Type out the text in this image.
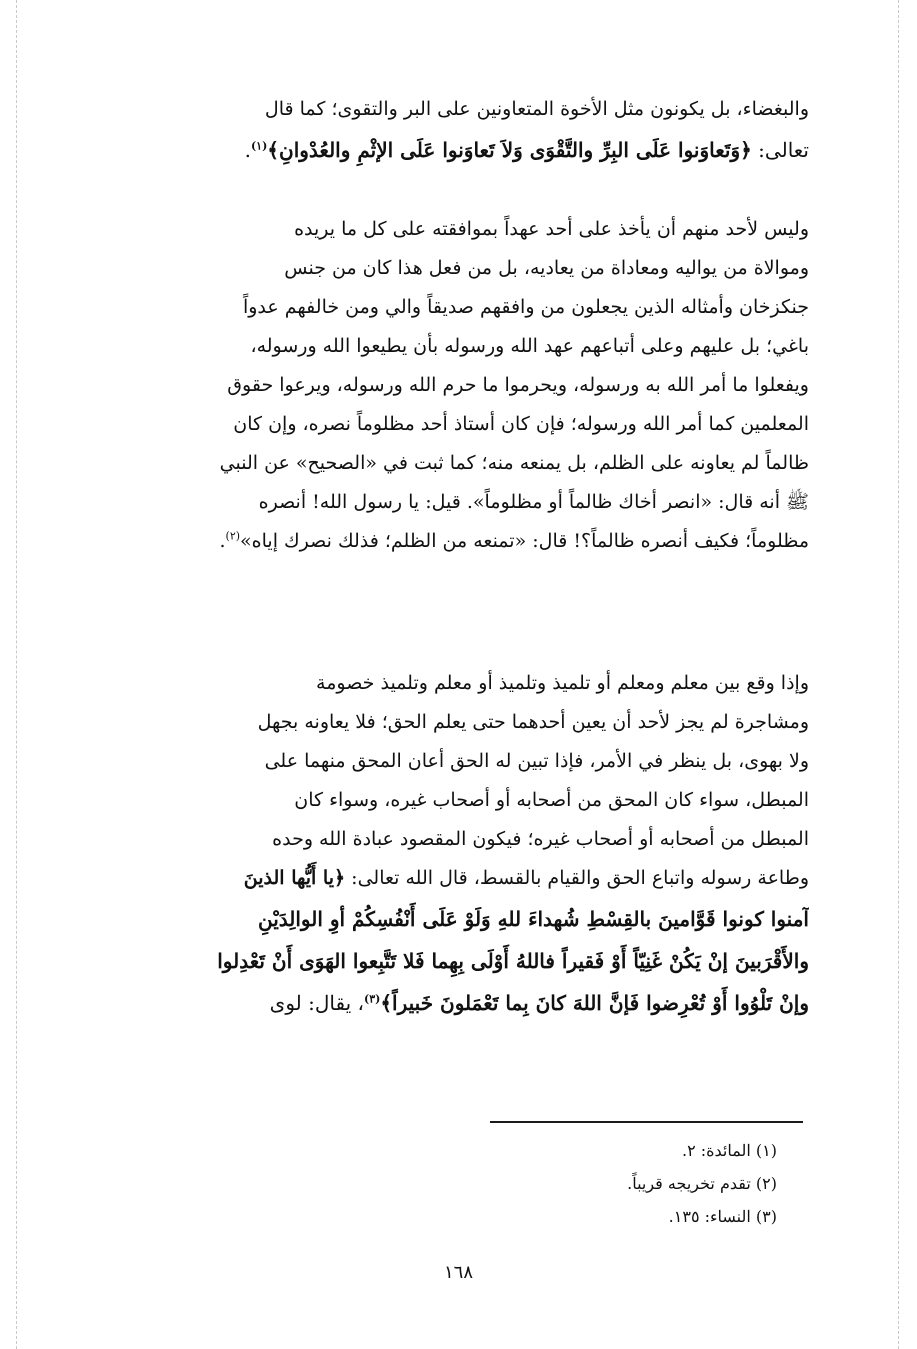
والبغضاء، بل يكونون مثل الأخوة المتعاونين على البر والتقوى؛ كما قال
تعالى: ﴿وَتَعاوَنوا عَلَى البِرِّ والتَّقْوَى وَلاَ تَعاوَنوا عَلَى الإثْمِ والعُدْوانِ﴾$^{(١)}$.
وليس لأحد منهم أن يأخذ على أحد عهداً بموافقته على كل ما يريده
وموالاة من يواليه ومعاداة من يعاديه، بل من فعل هذا كان من جنس
جنكزخان وأمثاله الذين يجعلون من وافقهم صديقاً والي ومن خالفهم عدواً
باغي؛ بل عليهم وعلى أتباعهم عهد الله ورسوله بأن يطيعوا الله ورسوله،
ويفعلوا ما أمر الله به ورسوله، ويحرموا ما حرم الله ورسوله، ويرعوا حقوق
المعلمين كما أمر الله ورسوله؛ فإن كان أستاذ أحد مظلوماً نصره، وإن كان
ظالماً لم يعاونه على الظلم، بل يمنعه منه؛ كما ثبت في «الصحيح» عن النبي
ﷺ أنه قال: «انصر أخاك ظالماً أو مظلوماً». قيل: يا رسول الله! أنصره
مظلوماً؛ فكيف أنصره ظالماً؟! قال: «تمنعه من الظلم؛ فذلك نصرك إياه»$^{(٢)}$.
وإذا وقع بين معلم ومعلم أو تلميذ وتلميذ أو معلم وتلميذ خصومة
ومشاجرة لم يجز لأحد أن يعين أحدهما حتى يعلم الحق؛ فلا يعاونه بجهل
ولا بهوى، بل ينظر في الأمر، فإذا تبين له الحق أعان المحق منهما على
المبطل، سواء كان المحق من أصحابه أو أصحاب غيره، وسواء كان
المبطل من أصحابه أو أصحاب غيره؛ فيكون المقصود عبادة الله وحده
وطاعة رسوله واتباع الحق والقيام بالقسط، قال الله تعالى: ﴿يا أَيُّها الذينَ
آمنوا كونوا قَوَّامينَ بالقِسْطِ شُهداءَ للهِ وَلَوْ عَلَى أَنْفُسِكُمْ أوِ الوالِدَيْنِ
والأَقْرَبينَ إنْ يَكُنْ غَنِيّاً أَوْ فَقيراً فاللهُ أَوْلَى بِهِما فَلا تَتَّبِعوا الهَوَى أَنْ تَعْدِلوا
وإنْ تَلْوُوا أَوْ تُعْرِضوا فَإنَّ اللهَ كانَ بِما تَعْمَلونَ خَبيراً﴾$^{(٣)}$، يقال: لوى
(١) المائدة: ٢.
(٢) تقدم تخريجه قريباً.
(٣) النساء: ١٣٥.
١٦٨
